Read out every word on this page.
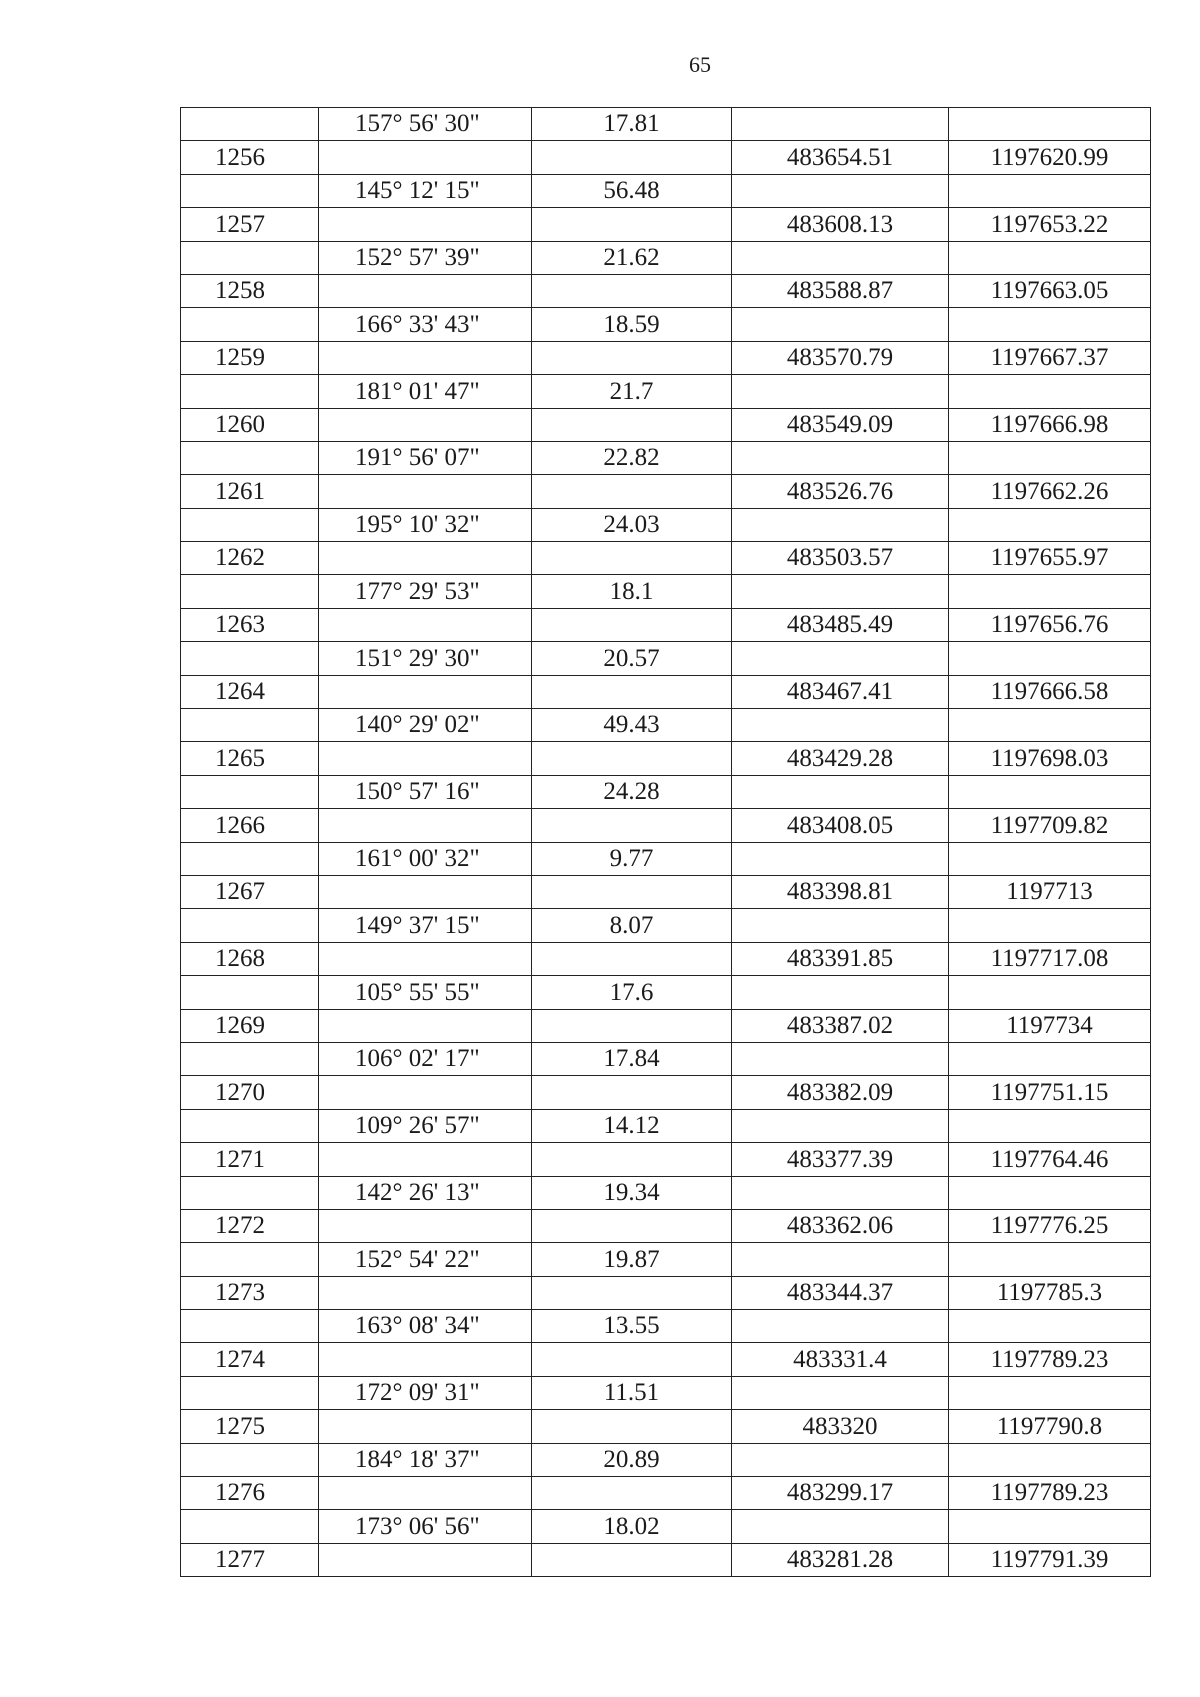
65
	157° 56' 30"	17.81		
1256			483654.51	1197620.99
	145° 12' 15"	56.48		
1257			483608.13	1197653.22
	152° 57' 39"	21.62		
1258			483588.87	1197663.05
	166° 33' 43"	18.59		
1259			483570.79	1197667.37
	181° 01' 47"	21.7		
1260			483549.09	1197666.98
	191° 56' 07"	22.82		
1261			483526.76	1197662.26
	195° 10' 32"	24.03		
1262			483503.57	1197655.97
	177° 29' 53"	18.1		
1263			483485.49	1197656.76
	151° 29' 30"	20.57		
1264			483467.41	1197666.58
	140° 29' 02"	49.43		
1265			483429.28	1197698.03
	150° 57' 16"	24.28		
1266			483408.05	1197709.82
	161° 00' 32"	9.77		
1267			483398.81	1197713
	149° 37' 15"	8.07		
1268			483391.85	1197717.08
	105° 55' 55"	17.6		
1269			483387.02	1197734
	106° 02' 17"	17.84		
1270			483382.09	1197751.15
	109° 26' 57"	14.12		
1271			483377.39	1197764.46
	142° 26' 13"	19.34		
1272			483362.06	1197776.25
	152° 54' 22"	19.87		
1273			483344.37	1197785.3
	163° 08' 34"	13.55		
1274			483331.4	1197789.23
	172° 09' 31"	11.51		
1275			483320	1197790.8
	184° 18' 37"	20.89		
1276			483299.17	1197789.23
	173° 06' 56"	18.02		
1277			483281.28	1197791.39
